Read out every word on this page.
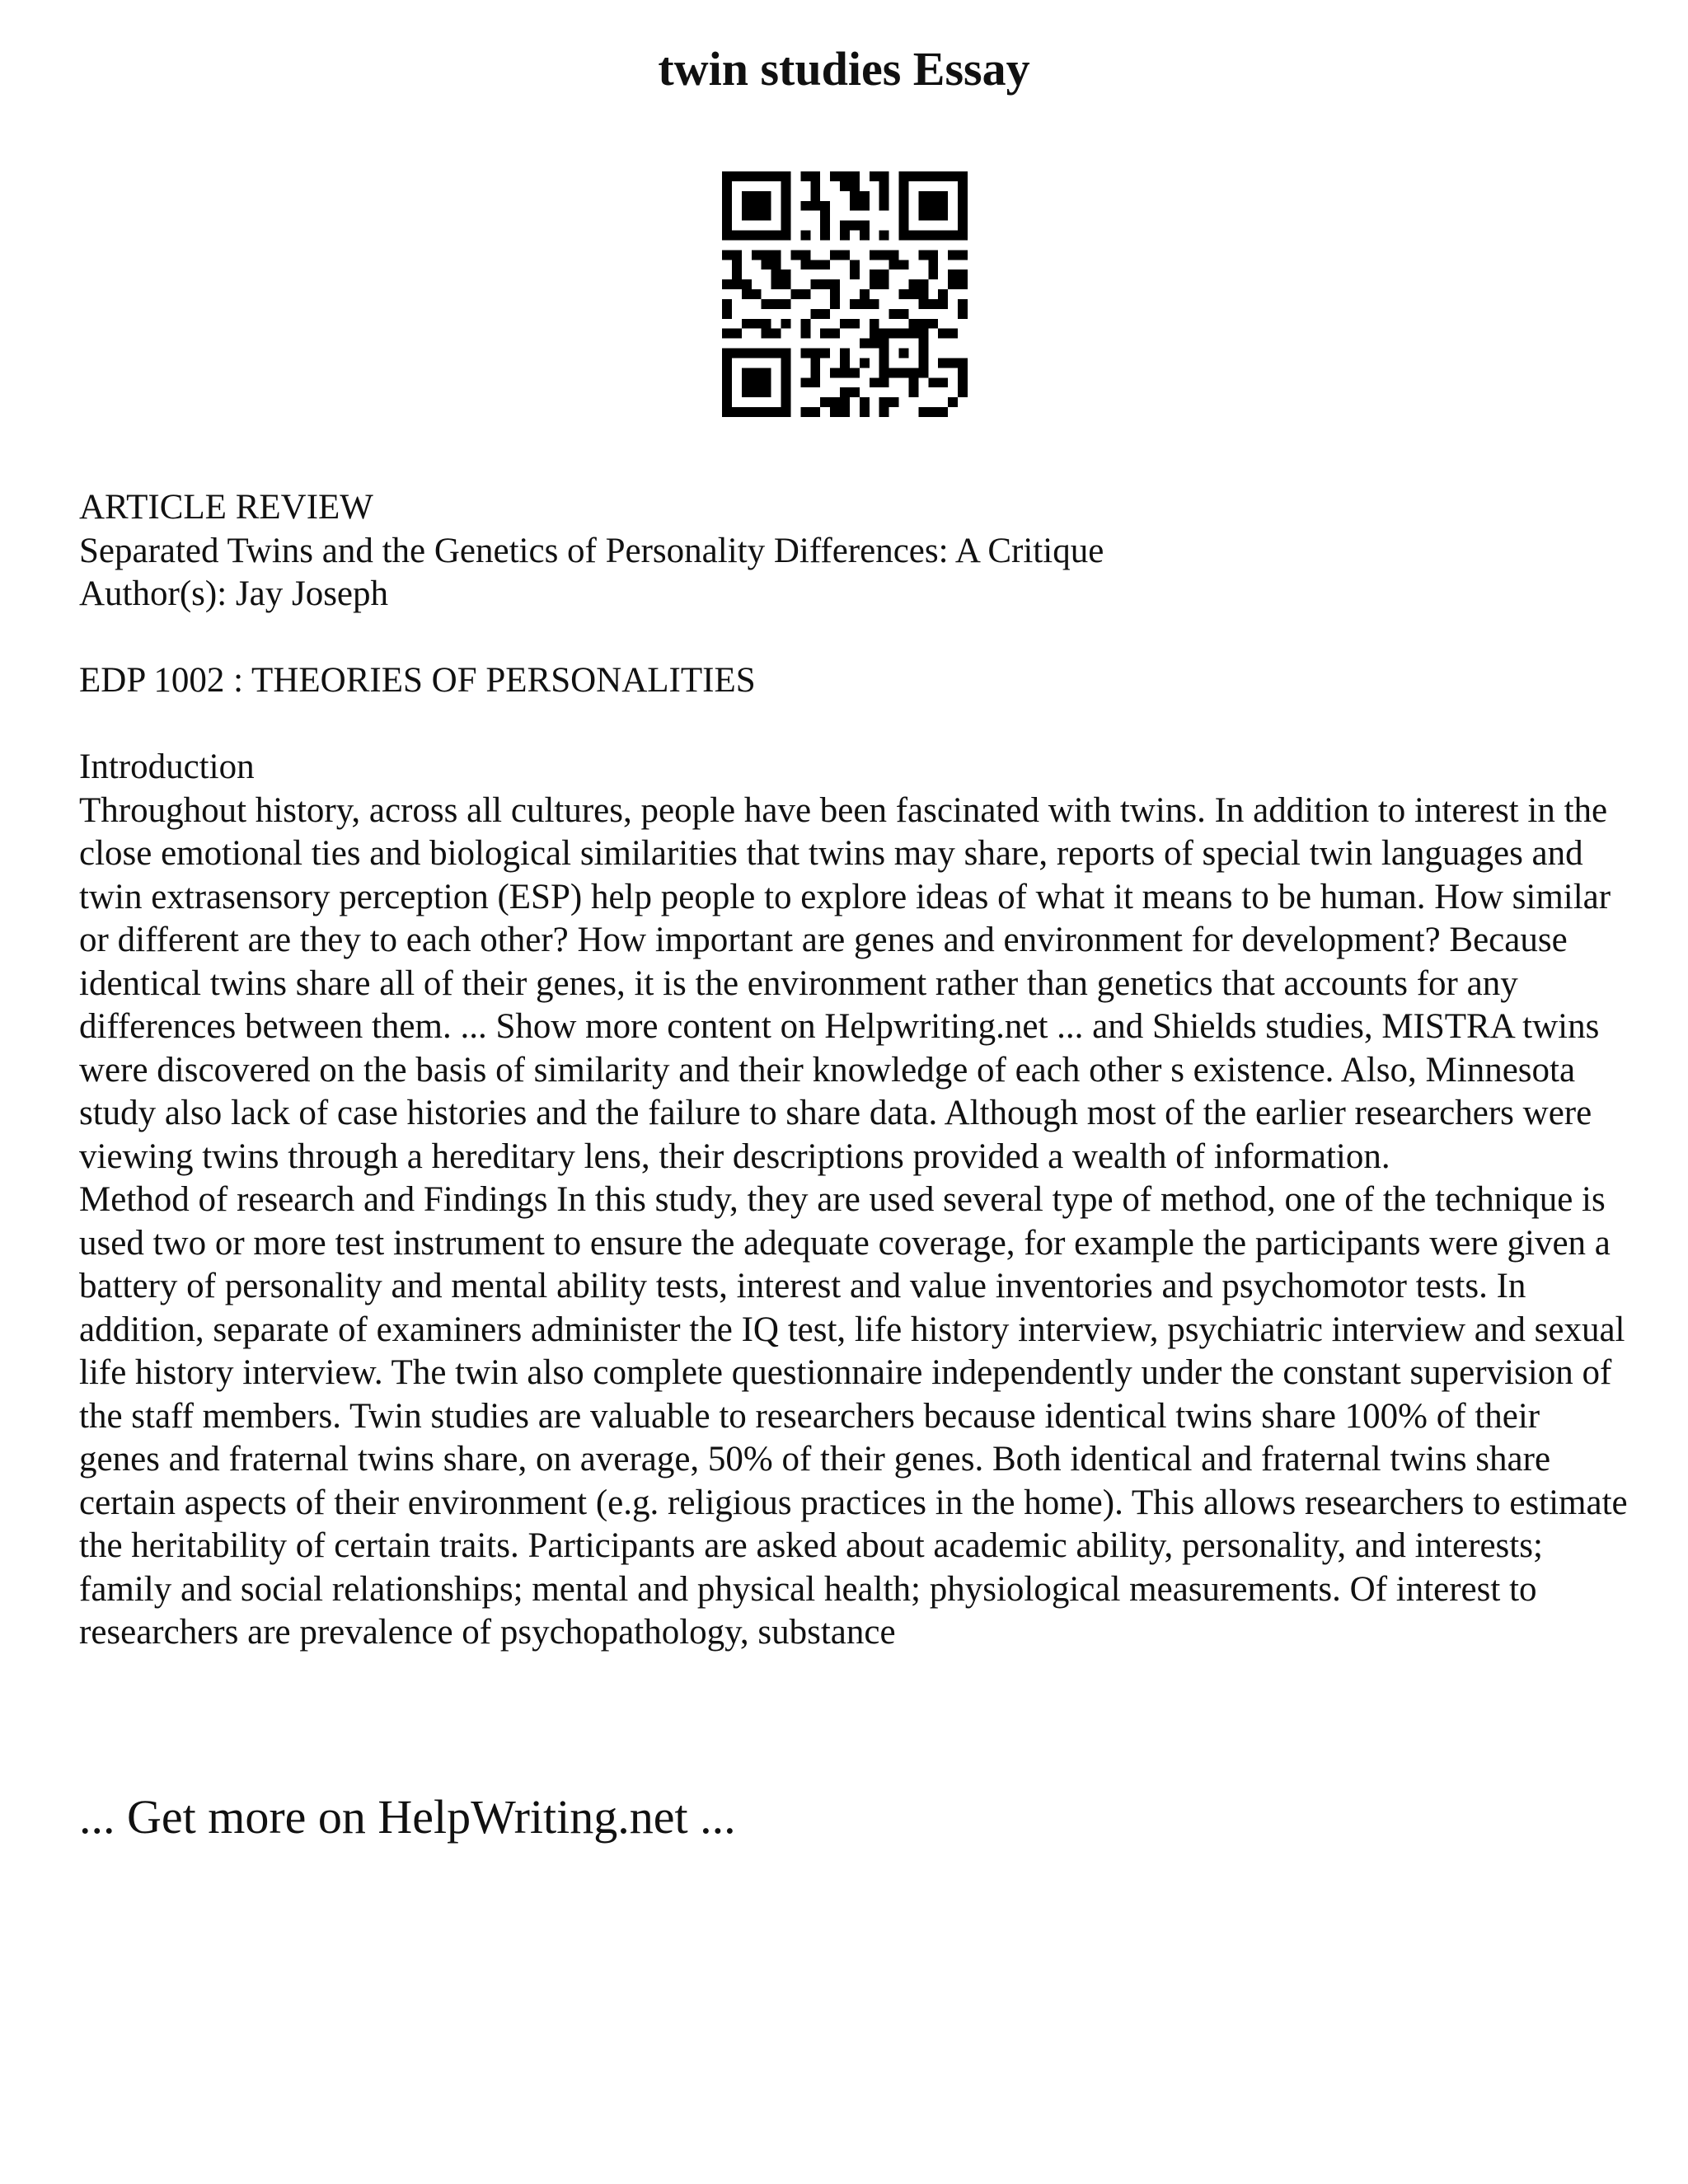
twin studies Essay

ARTICLE REVIEW

Separated Twins and the Genetics of Personality Differences: A Critique

Author(s): Jay Joseph

EDP 1002 : THEORIES OF PERSONALITIES

Introduction

Throughout history, across all cultures, people have been fascinated with twins. In addition to interest in the close emotional ties and biological similarities that twins may share, reports of special twin languages and twin extrasensory perception (ESP) help people to explore ideas of what it means to be human. How similar or different are they to each other? How important are genes and environment for development? Because identical twins share all of their genes, it is the environment rather than genetics that accounts for any differences between them. ... Show more content on Helpwriting.net ... and Shields studies, MISTRA twins were discovered on the basis of similarity and their knowledge of each other s existence. Also, Minnesota study also lack of case histories and the failure to share data. Although most of the earlier researchers were viewing twins through a hereditary lens, their descriptions provided a wealth of information.

Method of research and Findings In this study, they are used several type of method, one of the technique is used two or more test instrument to ensure the adequate coverage, for example the participants were given a battery of personality and mental ability tests, interest and value inventories and psychomotor tests. In addition, separate of examiners administer the IQ test, life history interview, psychiatric interview and sexual life history interview. The twin also complete questionnaire independently under the constant supervision of the staff members. Twin studies are valuable to researchers because identical twins share 100% of their genes and fraternal twins share, on average, 50% of their genes. Both identical and fraternal twins share certain aspects of their environment (e.g. religious practices in the home). This allows researchers to estimate the heritability of certain traits. Participants are asked about academic ability, personality, and interests; family and social relationships; mental and physical health; physiological measurements. Of interest to researchers are prevalence of psychopathology, substance

... Get more on HelpWriting.net ...
